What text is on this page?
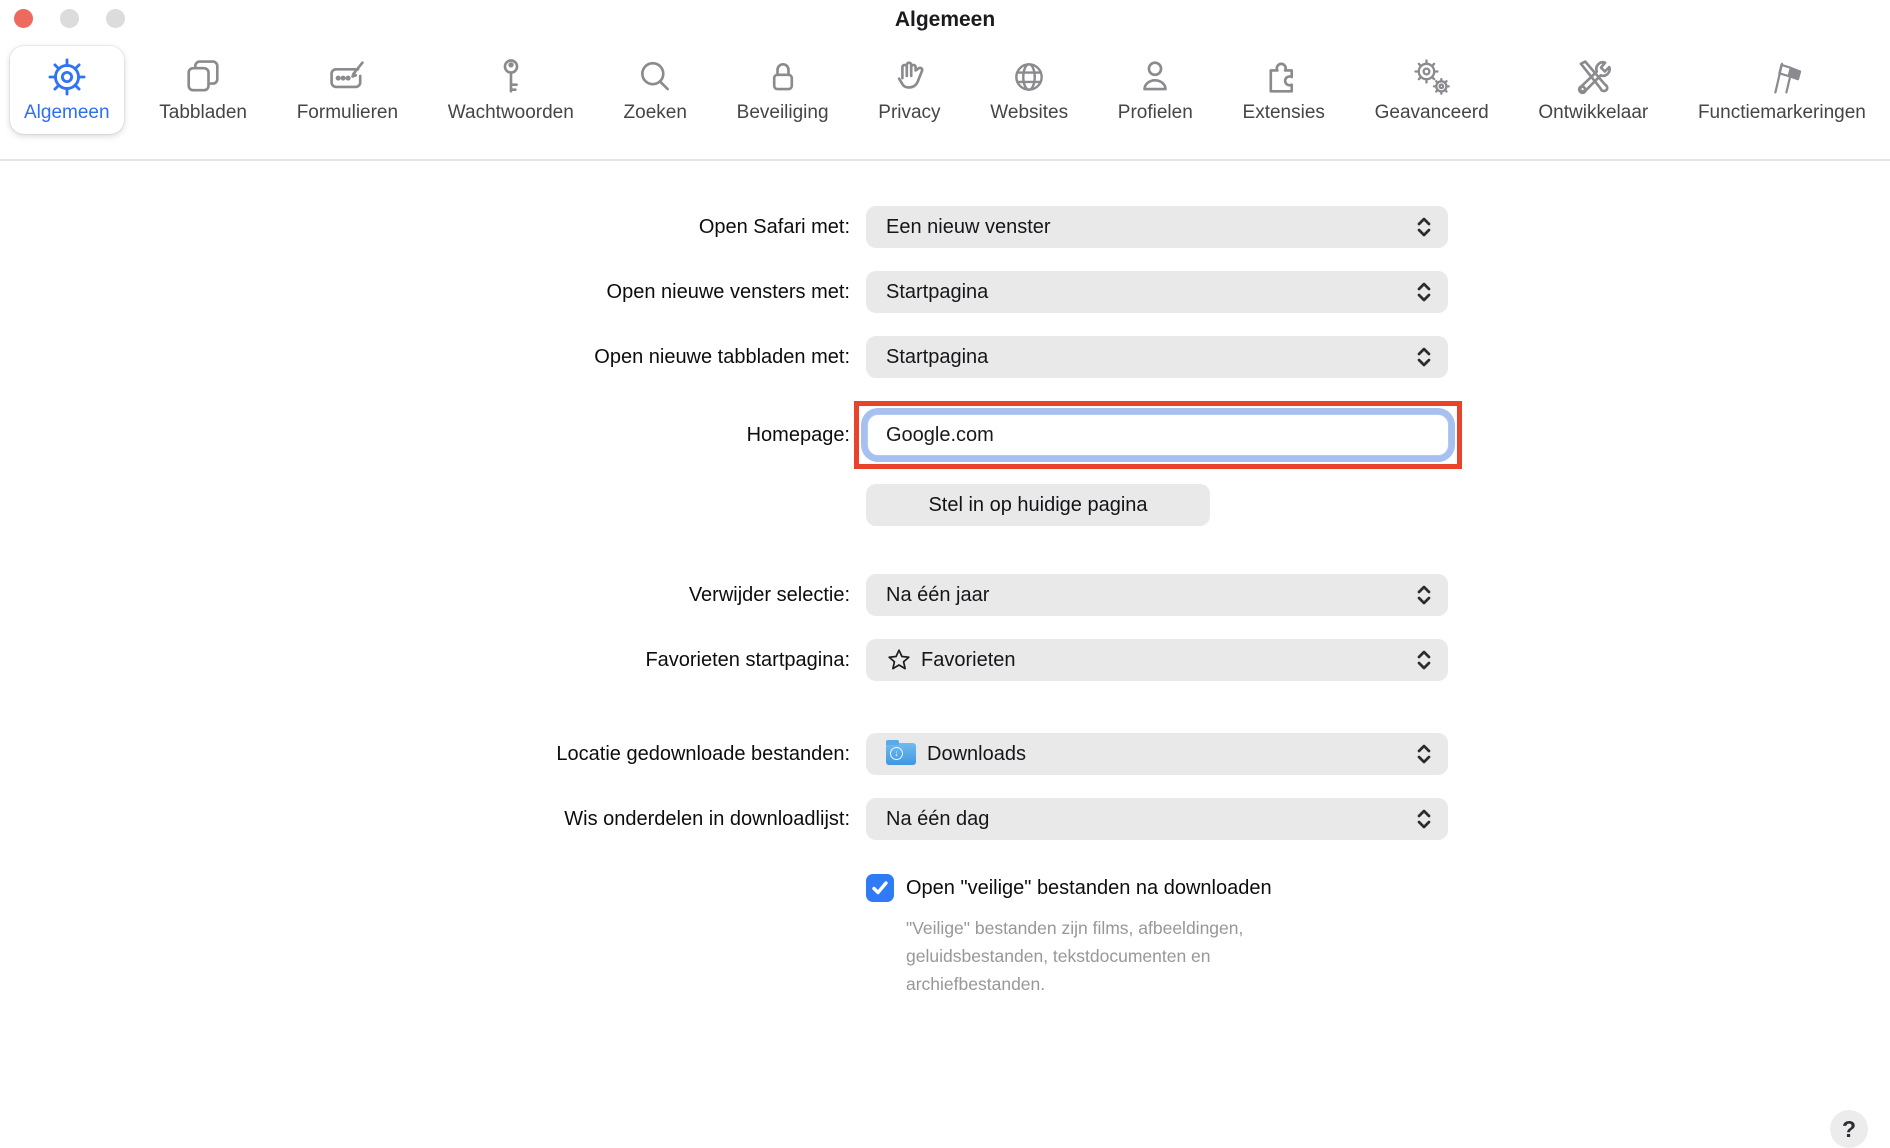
Algemeen
Algemeen	Tabbladen	Formulieren	Wachtwoorden	Zoeken	Beveiliging	Privacy	Websites	Profielen	Extensies	Geavanceerd	Ontwikkelaar	Functiemarkeringen
Open Safari met: Een nieuw venster
Open nieuwe vensters met: Startpagina
Open nieuwe tabbladen met: Startpagina
Homepage:
Google.com
Stel in op huidige pagina
Verwijder selectie: Na één jaar
Favorieten startpagina:	Favorieten
Locatie gedownloade bestanden:	↓ Downloads
Wis onderdelen in downloadlijst: Na één dag
Open "veilige" bestanden na downloaden
"Veilige" bestanden zijn films, afbeeldingen, geluidsbestanden, tekstdocumenten en archiefbestanden.
?
